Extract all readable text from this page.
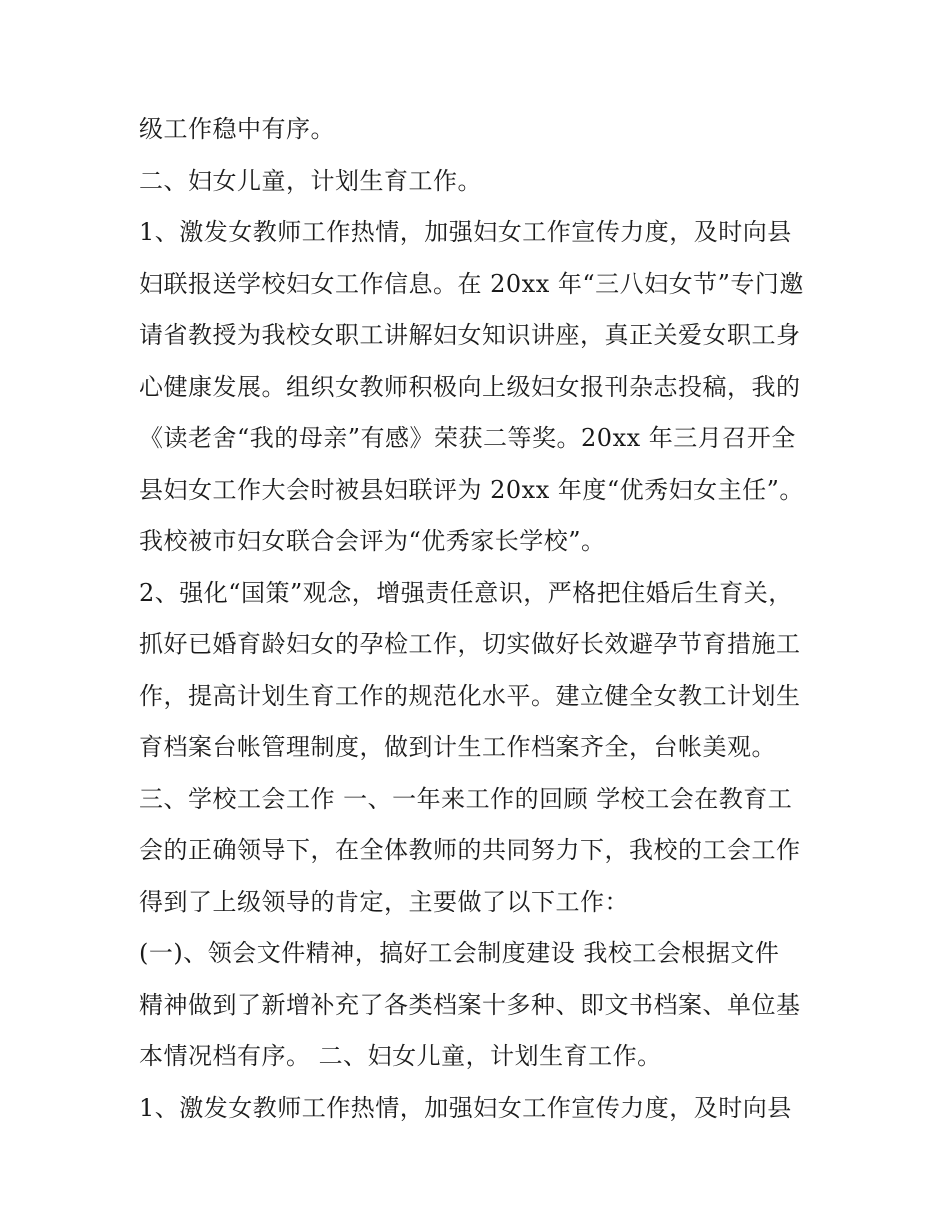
级工作稳中有序。
二、妇女儿童，计划生育工作。
1、激发女教师工作热情，加强妇女工作宣传力度，及时向县
妇联报送学校妇女工作信息。在 20xx 年“三八妇女节”专门邀
请省教授为我校女职工讲解妇女知识讲座，真正关爱女职工身
心健康发展。组织女教师积极向上级妇女报刊杂志投稿，我的
《读老舍“我的母亲”有感》荣获二等奖。20xx 年三月召开全
县妇女工作大会时被县妇联评为 20xx 年度“优秀妇女主任”。
我校被市妇女联合会评为“优秀家长学校”。
2、强化“国策”观念，增强责任意识，严格把住婚后生育关，
抓好已婚育龄妇女的孕检工作，切实做好长效避孕节育措施工
作，提高计划生育工作的规范化水平。建立健全女教工计划生
育档案台帐管理制度，做到计生工作档案齐全，台帐美观。
三、学校工会工作 一、一年来工作的回顾 学校工会在教育工
会的正确领导下，在全体教师的共同努力下，我校的工会工作
得到了上级领导的肯定，主要做了以下工作：
(一)、领会文件精神，搞好工会制度建设 我校工会根据文件
精神做到了新增补充了各类档案十多种、即文书档案、单位基
本情况档有序。 二、妇女儿童，计划生育工作。
1、激发女教师工作热情，加强妇女工作宣传力度，及时向县
